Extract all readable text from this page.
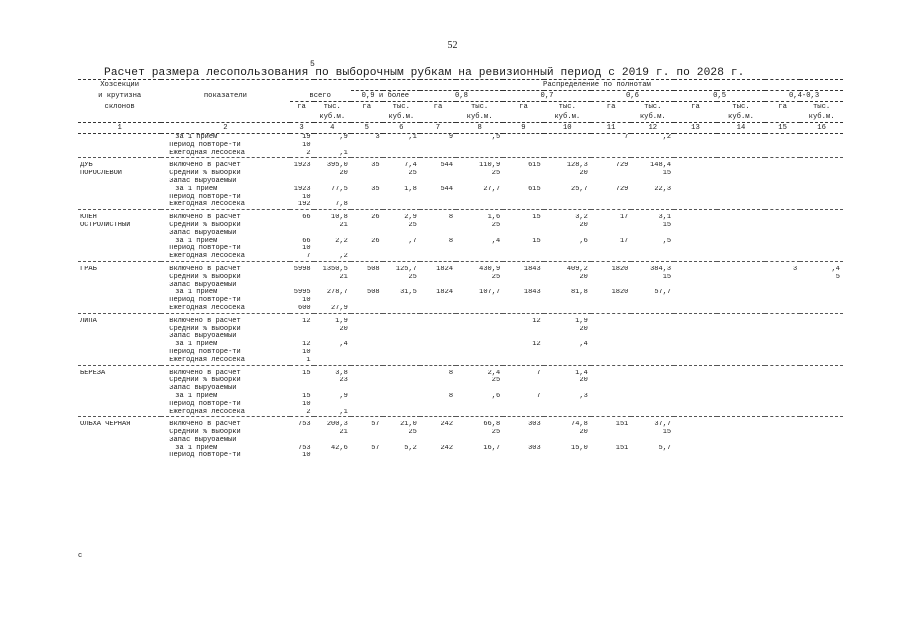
52
5
Расчет размера лесопользования по выборочным рубкам на ревизионный период с 2019 г. по 2028 г.
Хозсекции				Распределение по полнотам											
и крутизна	показатели	всего		0,9 и более		0,8		0,7		0,6		0,5		0,4-0,3	
склонов		га	тыс.	га	тыс.	га	тыс.	га	тыс.	га	тыс.	га	тыс.	га	тыс.
			куб.м.		куб.м.		куб.м.		куб.м.		куб.м.		куб.м.		куб.м.
1	2	3	4	5	6	7	8	9	10	11	12	13	14	15	16
	за 1 прием	19	,9	3	,1	9	,5			7	,2				
	Период повторе-ти	10													
	Ежегодная лесосека	2	,1												

ДУБ	Включено в расчет	1923	395,0	35	7,4	544	110,9	615	128,3	729	148,4				
ПОРОСЛЕВОЙ	Средний % выборки		20		25		25		20		15				
	Запас вырубаемый														
	за 1 прием	1923	77,5	35	1,8	544	27,7	615	25,7	729	22,3				
	Период повторе-ти	10													
	Ежегодная лесосека	192	7,8												

КЛЕН	Включено в расчет	66	10,8	26	2,9	8	1,6	15	3,2	17	3,1				
ОСТРОЛИСТНЫЙ	Средний % выборки		21		25		25		20		15				
	Запас вырубаемый														
	за 1 прием	66	2,2	26	,7	8	,4	15	,6	17	,5				
	Период повторе-ти	10													
	Ежегодная лесосека	7	,2												

ГРАБ	Включено в расчет	5998	1350,5	508	125,7	1824	430,9	1843	409,2	1820	384,3			3	,4
	Средний % выборки		21		25		25		20		15				5
	Запас вырубаемый														
	за 1 прием	5995	278,7	508	31,5	1824	107,7	1843	81,8	1820	57,7				
	Период повторе-ти	10													
	Ежегодная лесосека	600	27,9												

ЛИПА	Включено в расчет	12	1,9					12	1,9						
	Средний % выборки		20						20						
	Запас вырубаемый														
	за 1 прием	12	,4					12	,4						
	Период повторе-ти	10													
	Ежегодная лесосека	1													

БЕРЕЗА	Включено в расчет	15	3,8			8	2,4	7	1,4						
	Средний % выборки		23				25		20						
	Запас вырубаемый														
	за 1 прием	15	,9			8	,6	7	,3						
	Период повторе-ти	10													
	Ежегодная лесосека	2	,1												

ОЛЬХА ЧЕРНАЯ	Включено в расчет	753	200,3	57	21,0	242	66,8	303	74,8	151	37,7				
	Средний % выборки		21		25		25		20		15				
	Запас вырубаемый														
	за 1 прием	753	42,6	57	5,2	242	16,7	303	15,0	151	5,7				
	Период повторе-ти	10													
c
